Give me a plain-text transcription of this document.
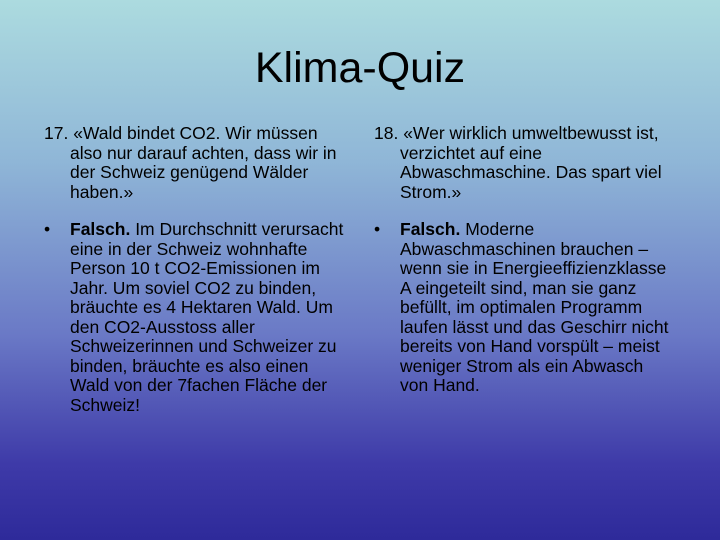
Klima-Quiz
17. «Wald bindet CO2. Wir müssen also nur darauf achten, dass wir in der Schweiz genügend Wälder haben.»
•	Falsch. Im Durchschnitt verursacht eine in der Schweiz wohnhafte Person 10 t CO2-Emissionen im Jahr. Um soviel CO2 zu binden, bräuchte es 4 Hektaren Wald. Um den CO2-Ausstoss aller Schweizerinnen und Schweizer zu binden, bräuchte es also einen Wald von der 7fachen Fläche der Schweiz!
18. «Wer wirklich umweltbewusst ist, verzichtet auf eine Abwaschmaschine. Das spart viel Strom.»
•	Falsch. Moderne Abwaschmaschinen brauchen – wenn sie in Energieeffizienzklasse A eingeteilt sind, man sie ganz befüllt, im optimalen Programm laufen lässt und das Geschirr nicht bereits von Hand vorspült – meist weniger Strom als ein Abwasch von Hand.
